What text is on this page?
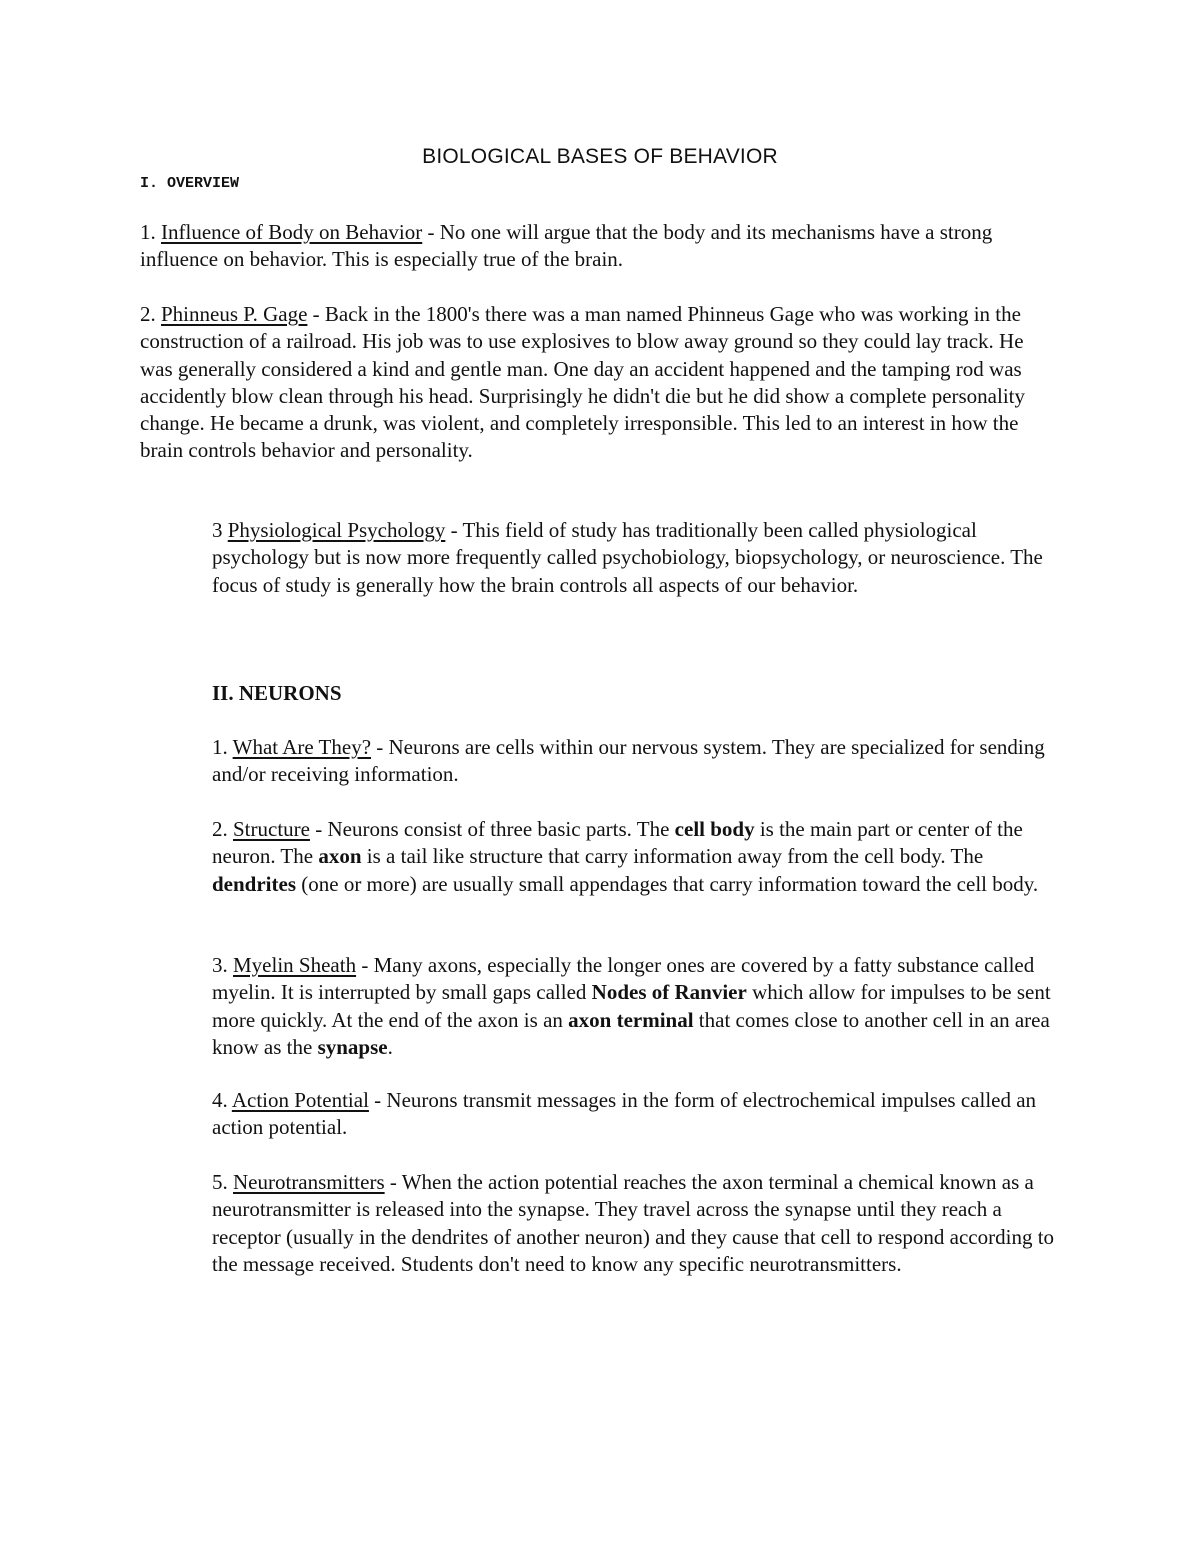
BIOLOGICAL BASES OF BEHAVIOR
I. OVERVIEW

1. Influence of Body on Behavior - No one will argue that the body and its mechanisms have a strong influence on behavior. This is especially true of the brain.

2. Phinneus P. Gage - Back in the 1800's there was a man named Phinneus Gage who was working in the construction of a railroad. His job was to use explosives to blow away ground so they could lay track. He was generally considered a kind and gentle man. One day an accident happened and the tamping rod was accidently blow clean through his head. Surprisingly he didn't die but he did show a complete personality change. He became a drunk, was violent, and completely irresponsible. This led to an interest in how the brain controls behavior and personality.

3 Physiological Psychology - This field of study has traditionally been called physiological psychology but is now more frequently called psychobiology, biopsychology, or neuroscience. The focus of study is generally how the brain controls all aspects of our behavior.

II. NEURONS

1. What Are They? - Neurons are cells within our nervous system. They are specialized for sending and/or receiving information.

2. Structure - Neurons consist of three basic parts. The cell body is the main part or center of the neuron. The axon is a tail like structure that carry information away from the cell body. The dendrites (one or more) are usually small appendages that carry information toward the cell body.

3. Myelin Sheath - Many axons, especially the longer ones are covered by a fatty substance called myelin. It is interrupted by small gaps called Nodes of Ranvier which allow for impulses to be sent more quickly. At the end of the axon is an axon terminal that comes close to another cell in an area know as the synapse.

4. Action Potential - Neurons transmit messages in the form of electrochemical impulses called an action potential.

5. Neurotransmitters - When the action potential reaches the axon terminal a chemical known as a neurotransmitter is released into the synapse. They travel across the synapse until they reach a receptor (usually in the dendrites of another neuron) and they cause that cell to respond according to the message received. Students don't need to know any specific neurotransmitters.
